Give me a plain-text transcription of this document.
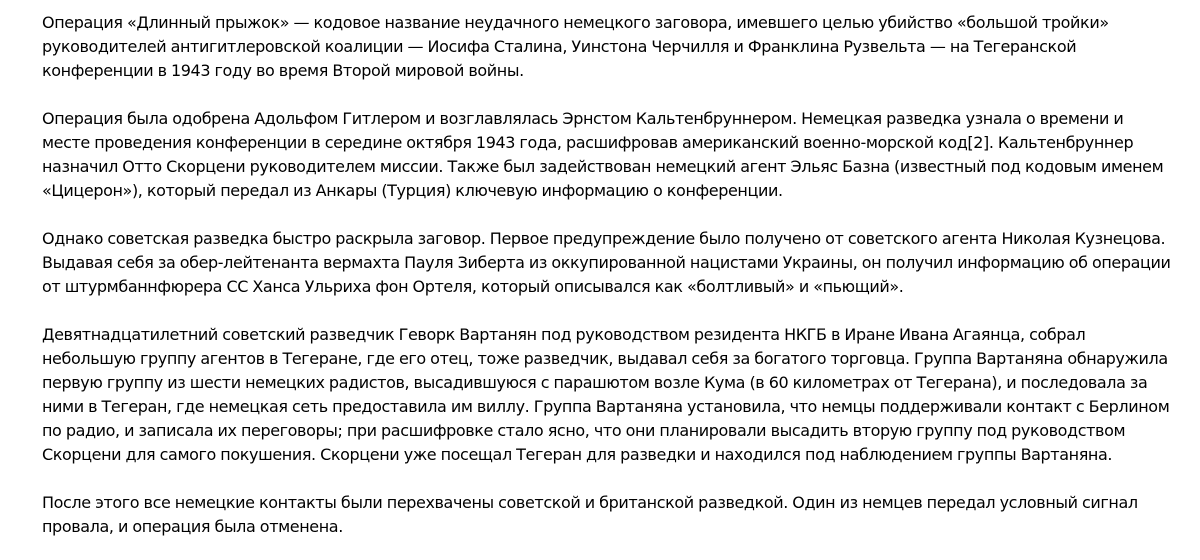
Операция «Длинный прыжок» — кодовое название неудачного немецкого заговора, имевшего целью убийство «большой тройки» руководителей антигитлеровской коалиции — Иосифа Сталина, Уинстона Черчилля и Франклина Рузвельта — на Тегеранской конференции в 1943 году во время Второй мировой войны.

Операция была одобрена Адольфом Гитлером и возглавлялась Эрнстом Кальтенбруннером. Немецкая разведка узнала о времени и месте проведения конференции в середине октября 1943 года, расшифровав американский военно-морской код[2]. Кальтенбруннер назначил Отто Скорцени руководителем миссии. Также был задействован немецкий агент Эльяс Базна (известный под кодовым именем «Цицерон»), который передал из Анкары (Турция) ключевую информацию о конференции.

Однако советская разведка быстро раскрыла заговор. Первое предупреждение было получено от советского агента Николая Кузнецова. Выдавая себя за обер-лейтенанта вермахта Пауля Зиберта из оккупированной нацистами Украины, он получил информацию об операции от штурмбаннфюрера СС Ханса Ульриха фон Ортеля, который описывался как «болтливый» и «пьющий».

Девятнадцатилетний советский разведчик Геворк Вартанян под руководством резидента НКГБ в Иране Ивана Агаянца, собрал небольшую группу агентов в Тегеране, где его отец, тоже разведчик, выдавал себя за богатого торговца. Группа Вартаняна обнаружила первую группу из шести немецких радистов, высадившуюся с парашютом возле Кума (в 60 километрах от Тегерана), и последовала за ними в Тегеран, где немецкая сеть предоставила им виллу. Группа Вартаняна установила, что немцы поддерживали контакт с Берлином по радио, и записала их переговоры; при расшифровке стало ясно, что они планировали высадить вторую группу под руководством Скорцени для самого покушения. Скорцени уже посещал Тегеран для разведки и находился под наблюдением группы Вартаняна.

После этого все немецкие контакты были перехвачены советской и британской разведкой. Один из немцев передал условный сигнал провала, и операция была отменена.
